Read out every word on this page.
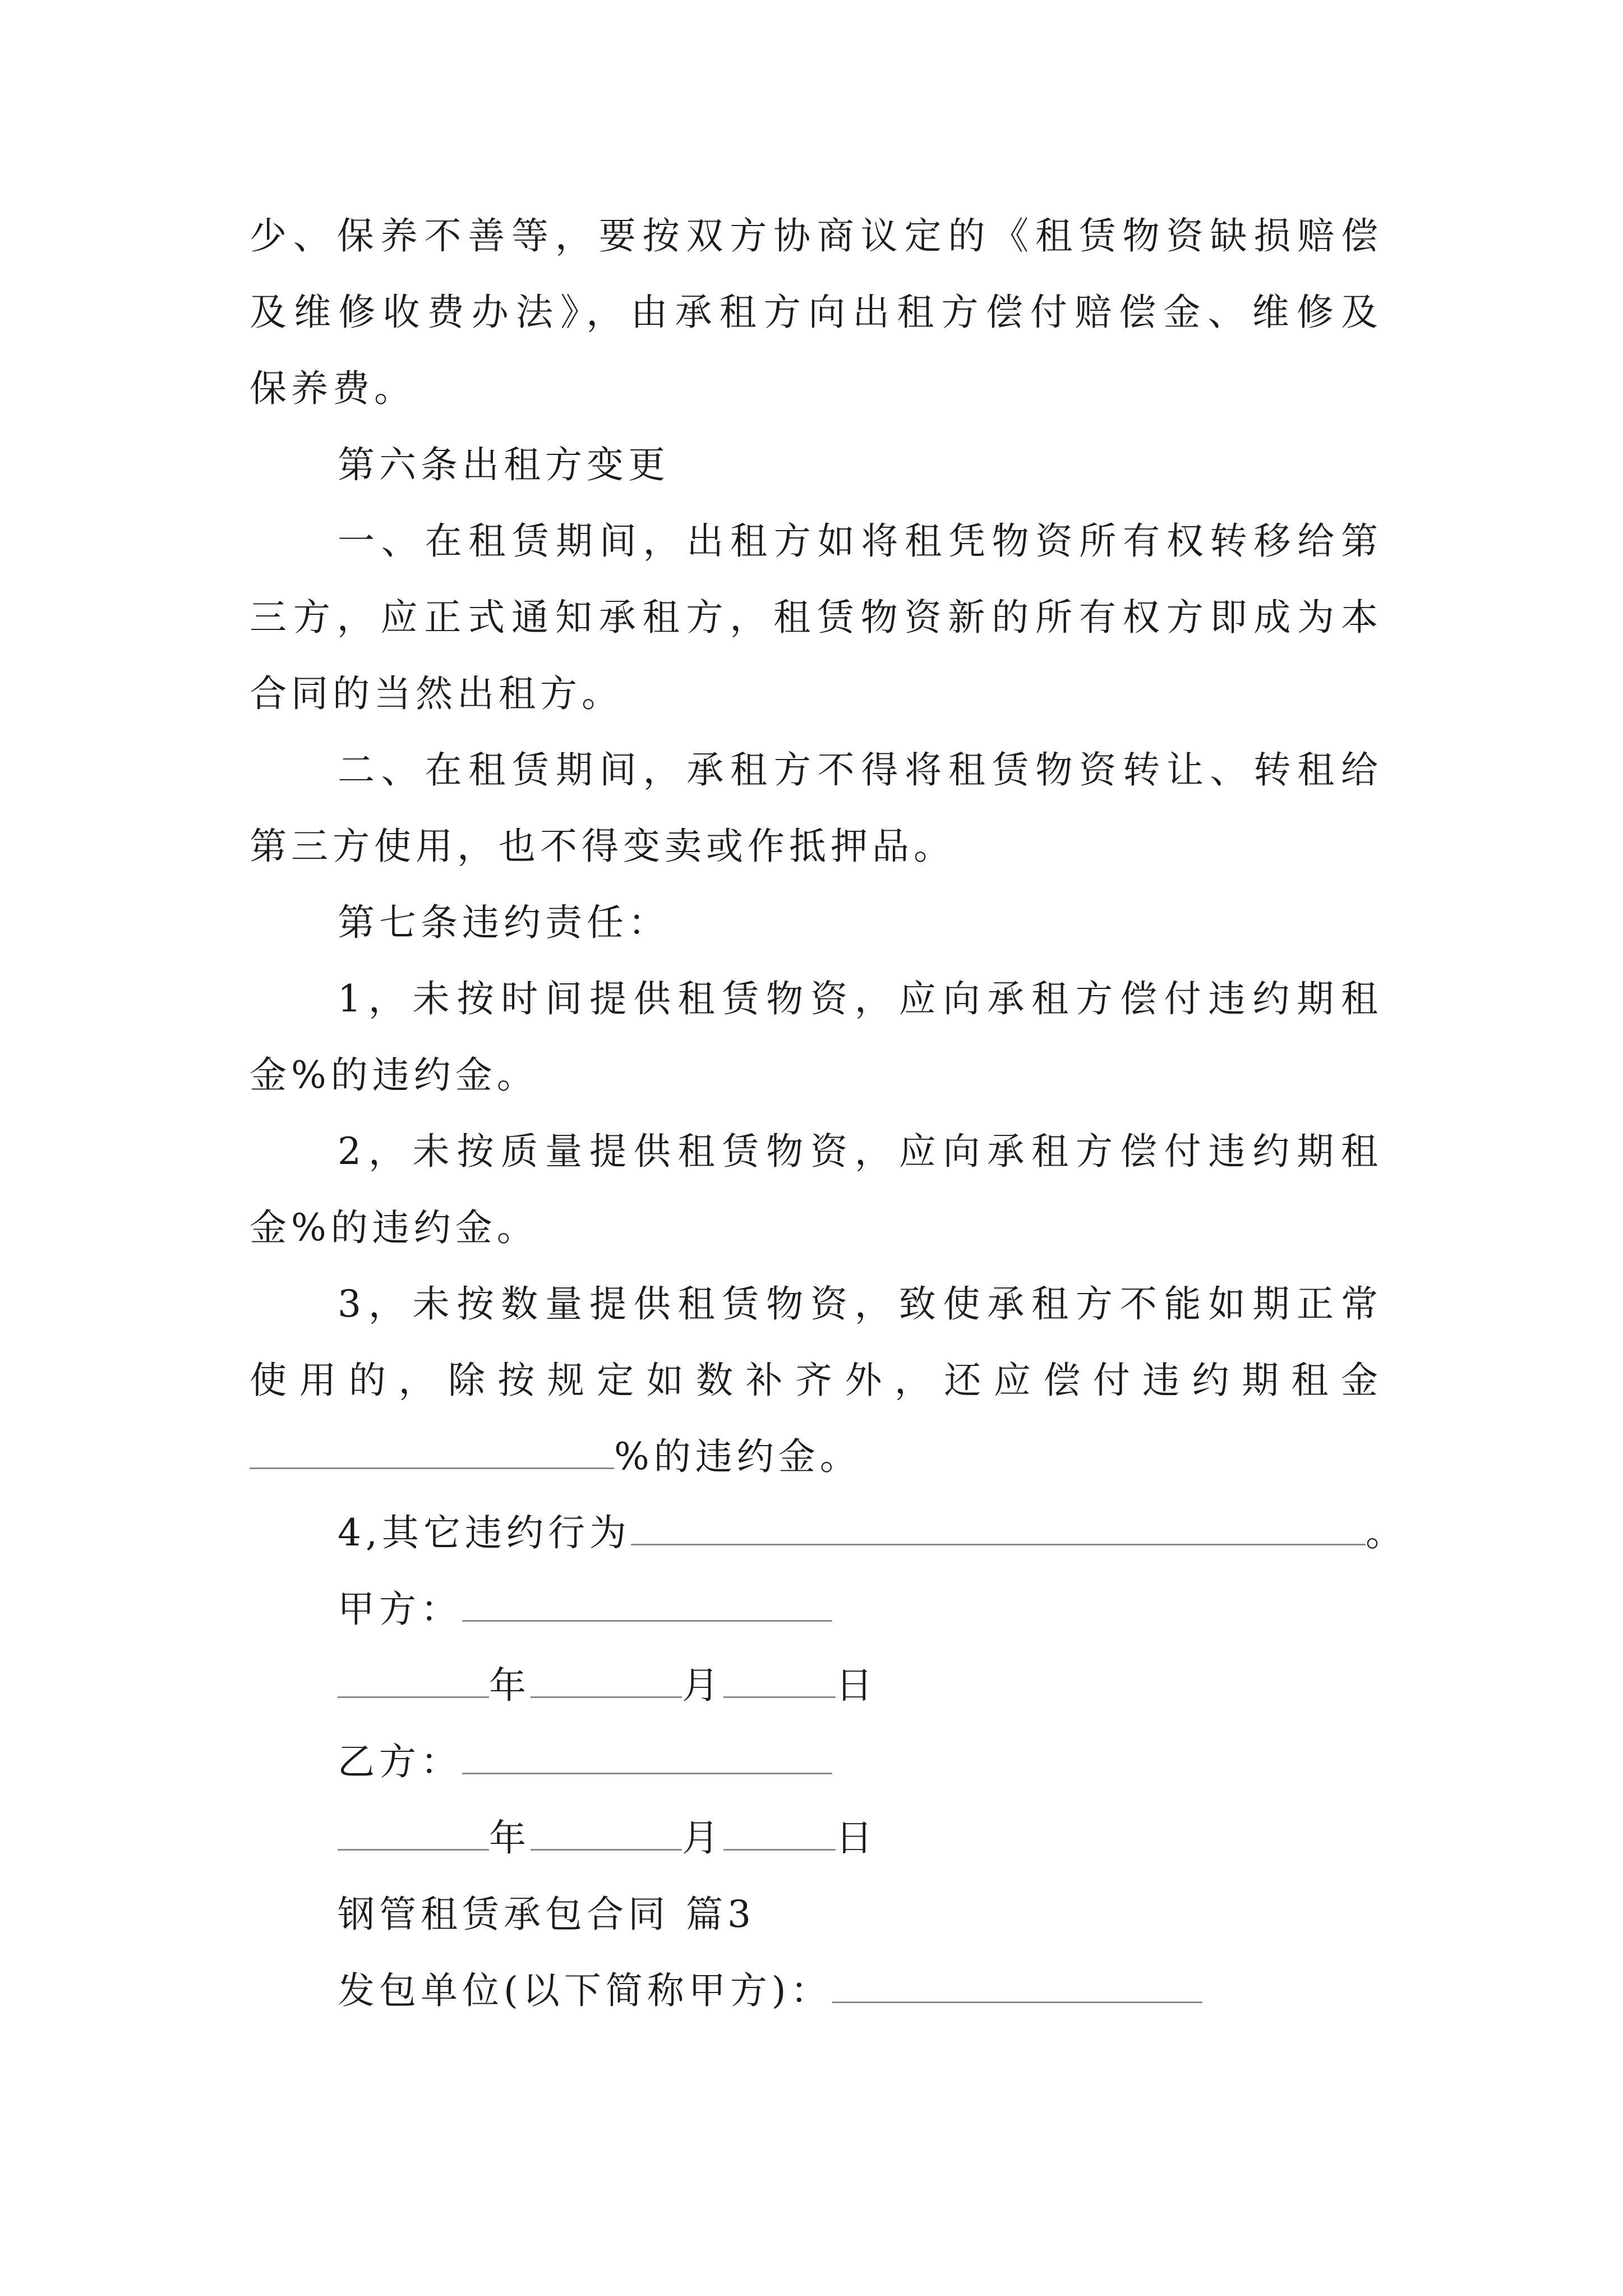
少、保养不善等，要按双方协商议定的《租赁物资缺损赔偿
及维修收费办法》，由承租方向出租方偿付赔偿金、维修及
保养费。
第六条出租方变更
一、在租赁期间，出租方如将租凭物资所有权转移给第
三方，应正式通知承租方，租赁物资新的所有权方即成为本
合同的当然出租方。
二、在租赁期间，承租方不得将租赁物资转让、转租给
第三方使用，也不得变卖或作抵押品。
第七条违约责任：
1，未按时间提供租赁物资，应向承租方偿付违约期租
金%的违约金。
2，未按质量提供租赁物资，应向承租方偿付违约期租
金%的违约金。
3，未按数量提供租赁物资，致使承租方不能如期正常
使用的，除按规定如数补齐外，还应偿付违约期租金
%的违约金。
4,其它违约行为	。
甲方：
年	月	日
乙方：
年	月	日
钢管租赁承包合同 篇3
发包单位(以下简称甲方)：
